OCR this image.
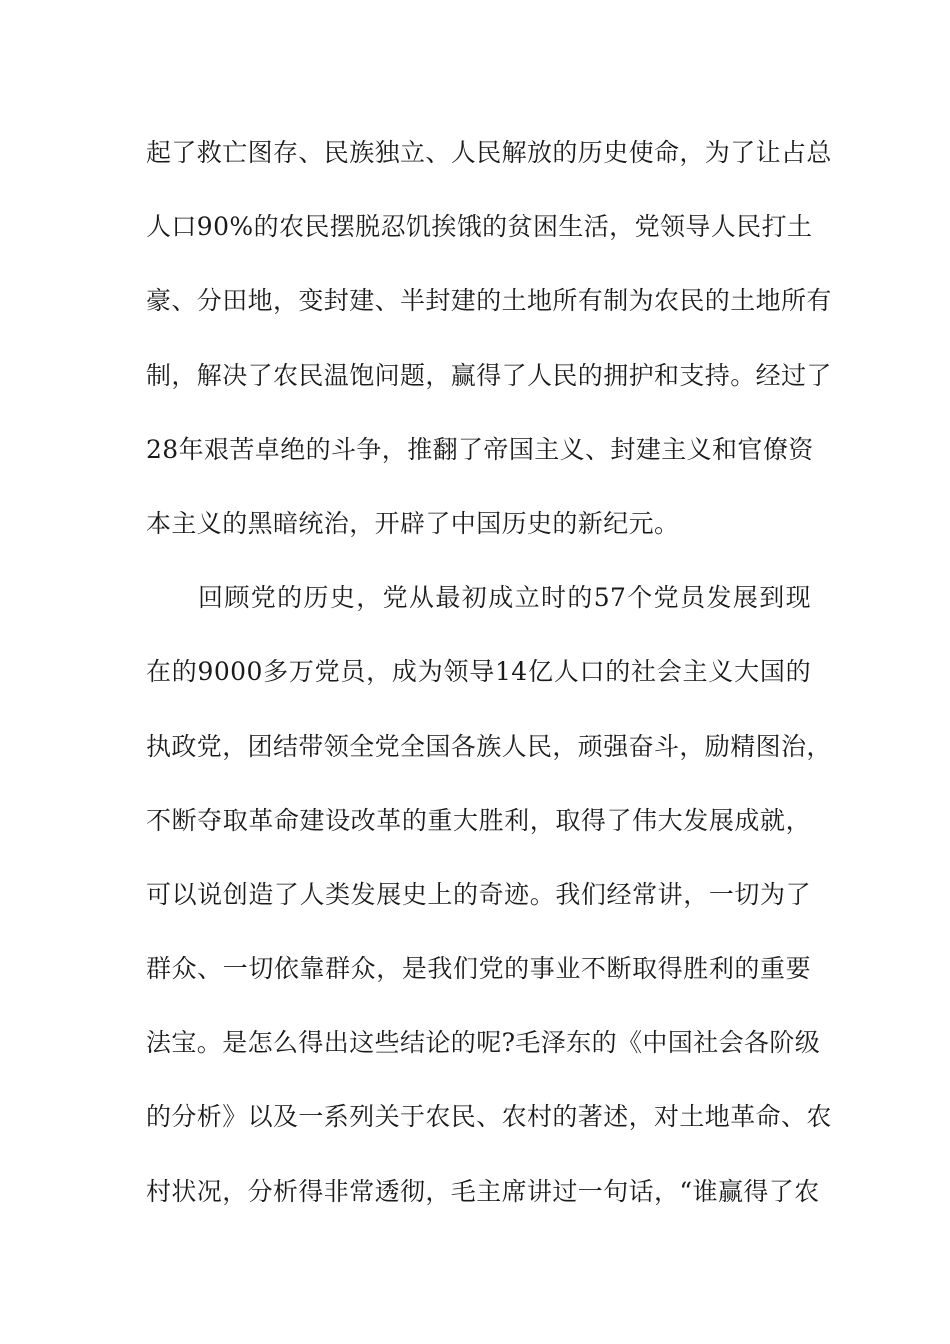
起了救亡图存、民族独立、人民解放的历史使命，为了让占总
人口90%的农民摆脱忍饥挨饿的贫困生活，党领导人民打土
豪、分田地，变封建、半封建的土地所有制为农民的土地所有
制，解决了农民温饱问题，赢得了人民的拥护和支持。经过了
28年艰苦卓绝的斗争，推翻了帝国主义、封建主义和官僚资
本主义的黑暗统治，开辟了中国历史的新纪元。
回顾党的历史，党从最初成立时的57个党员发展到现
在的9000多万党员，成为领导14亿人口的社会主义大国的
执政党，团结带领全党全国各族人民，顽强奋斗，励精图治，
不断夺取革命建设改革的重大胜利，取得了伟大发展成就，
可以说创造了人类发展史上的奇迹。我们经常讲，一切为了
群众、一切依靠群众，是我们党的事业不断取得胜利的重要
法宝。是怎么得出这些结论的呢?毛泽东的《中国社会各阶级
的分析》以及一系列关于农民、农村的著述，对土地革命、农
村状况，分析得非常透彻，毛主席讲过一句话，“谁赢得了农
